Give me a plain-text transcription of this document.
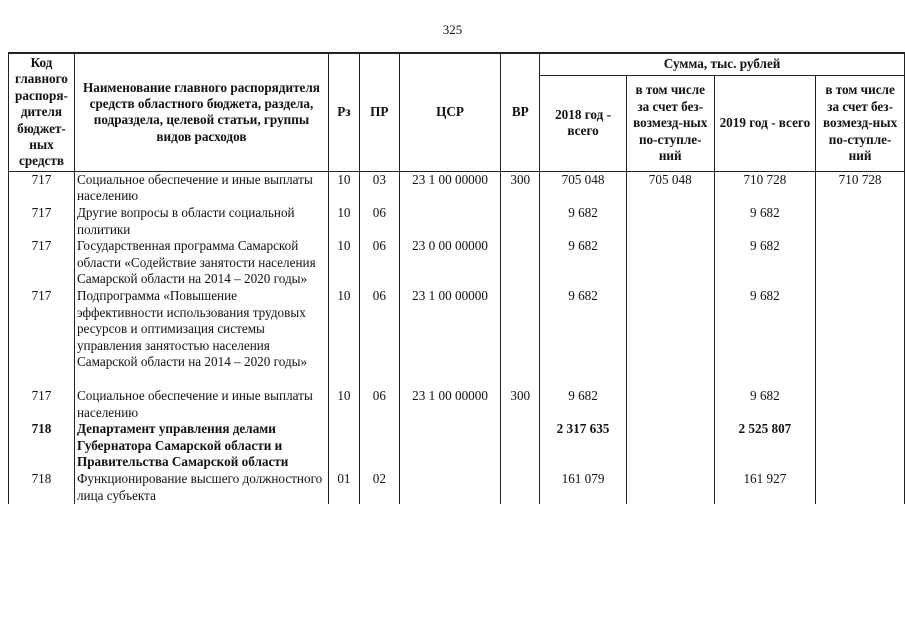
325
Код главного распоря-дителя бюджет-ных средств	Наименование главного распорядителя средств областного бюджета, раздела, подраздела, целевой статьи, группы видов расходов	Рз	ПР	ЦСР	ВР	Сумма, тыс. рублей			
						2018 год - всего	в том числе за счет без-возмезд-ных по-ступле-ний	2019 год - всего	в том числе за счет без-возмезд-ных по-ступле-ний
717	Социальное обеспечение и иные выплаты населению	10	03	23 1 00 00000	300	705 048	705 048	710 728	710 728
717	Другие вопросы в области социальной политики	10	06			9 682		9 682	
717	Государственная программа Самарской области «Содействие занятости населения Самарской области на 2014 – 2020 годы»	10	06	23 0 00 00000		9 682		9 682	
717	Подпрограмма «Повышение эффективности использования трудовых ресурсов и оптимизация системы управления занятостью населения Самарской области на 2014 – 2020 годы»	10	06	23 1 00 00000		9 682		9 682	
717	Социальное обеспечение и иные выплаты населению	10	06	23 1 00 00000	300	9 682		9 682	
718	Департамент управления делами Губернатора Самарской области и Правительства Самарской области					2 317 635		2 525 807	
718	Функционирование высшего должностного лица субъекта	01	02			161 079		161 927	
